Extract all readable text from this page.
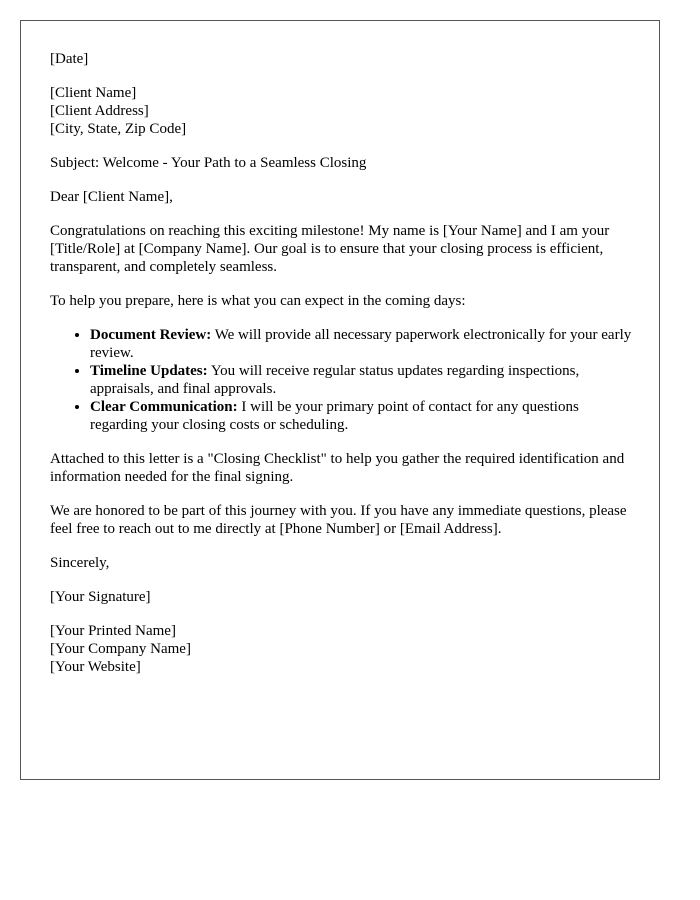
[Date]
[Client Name]
[Client Address]
[City, State, Zip Code]
Subject: Welcome - Your Path to a Seamless Closing
Dear [Client Name],
Congratulations on reaching this exciting milestone! My name is [Your Name] and I am your [Title/Role] at [Company Name]. Our goal is to ensure that your closing process is efficient, transparent, and completely seamless.
To help you prepare, here is what you can expect in the coming days:
• Document Review: We will provide all necessary paperwork electronically for your early review.
• Timeline Updates: You will receive regular status updates regarding inspections, appraisals, and final approvals.
• Clear Communication: I will be your primary point of contact for any questions regarding your closing costs or scheduling.
Attached to this letter is a "Closing Checklist" to help you gather the required identification and information needed for the final signing.
We are honored to be part of this journey with you. If you have any immediate questions, please feel free to reach out to me directly at [Phone Number] or [Email Address].
Sincerely,
[Your Signature]
[Your Printed Name]
[Your Company Name]
[Your Website]
